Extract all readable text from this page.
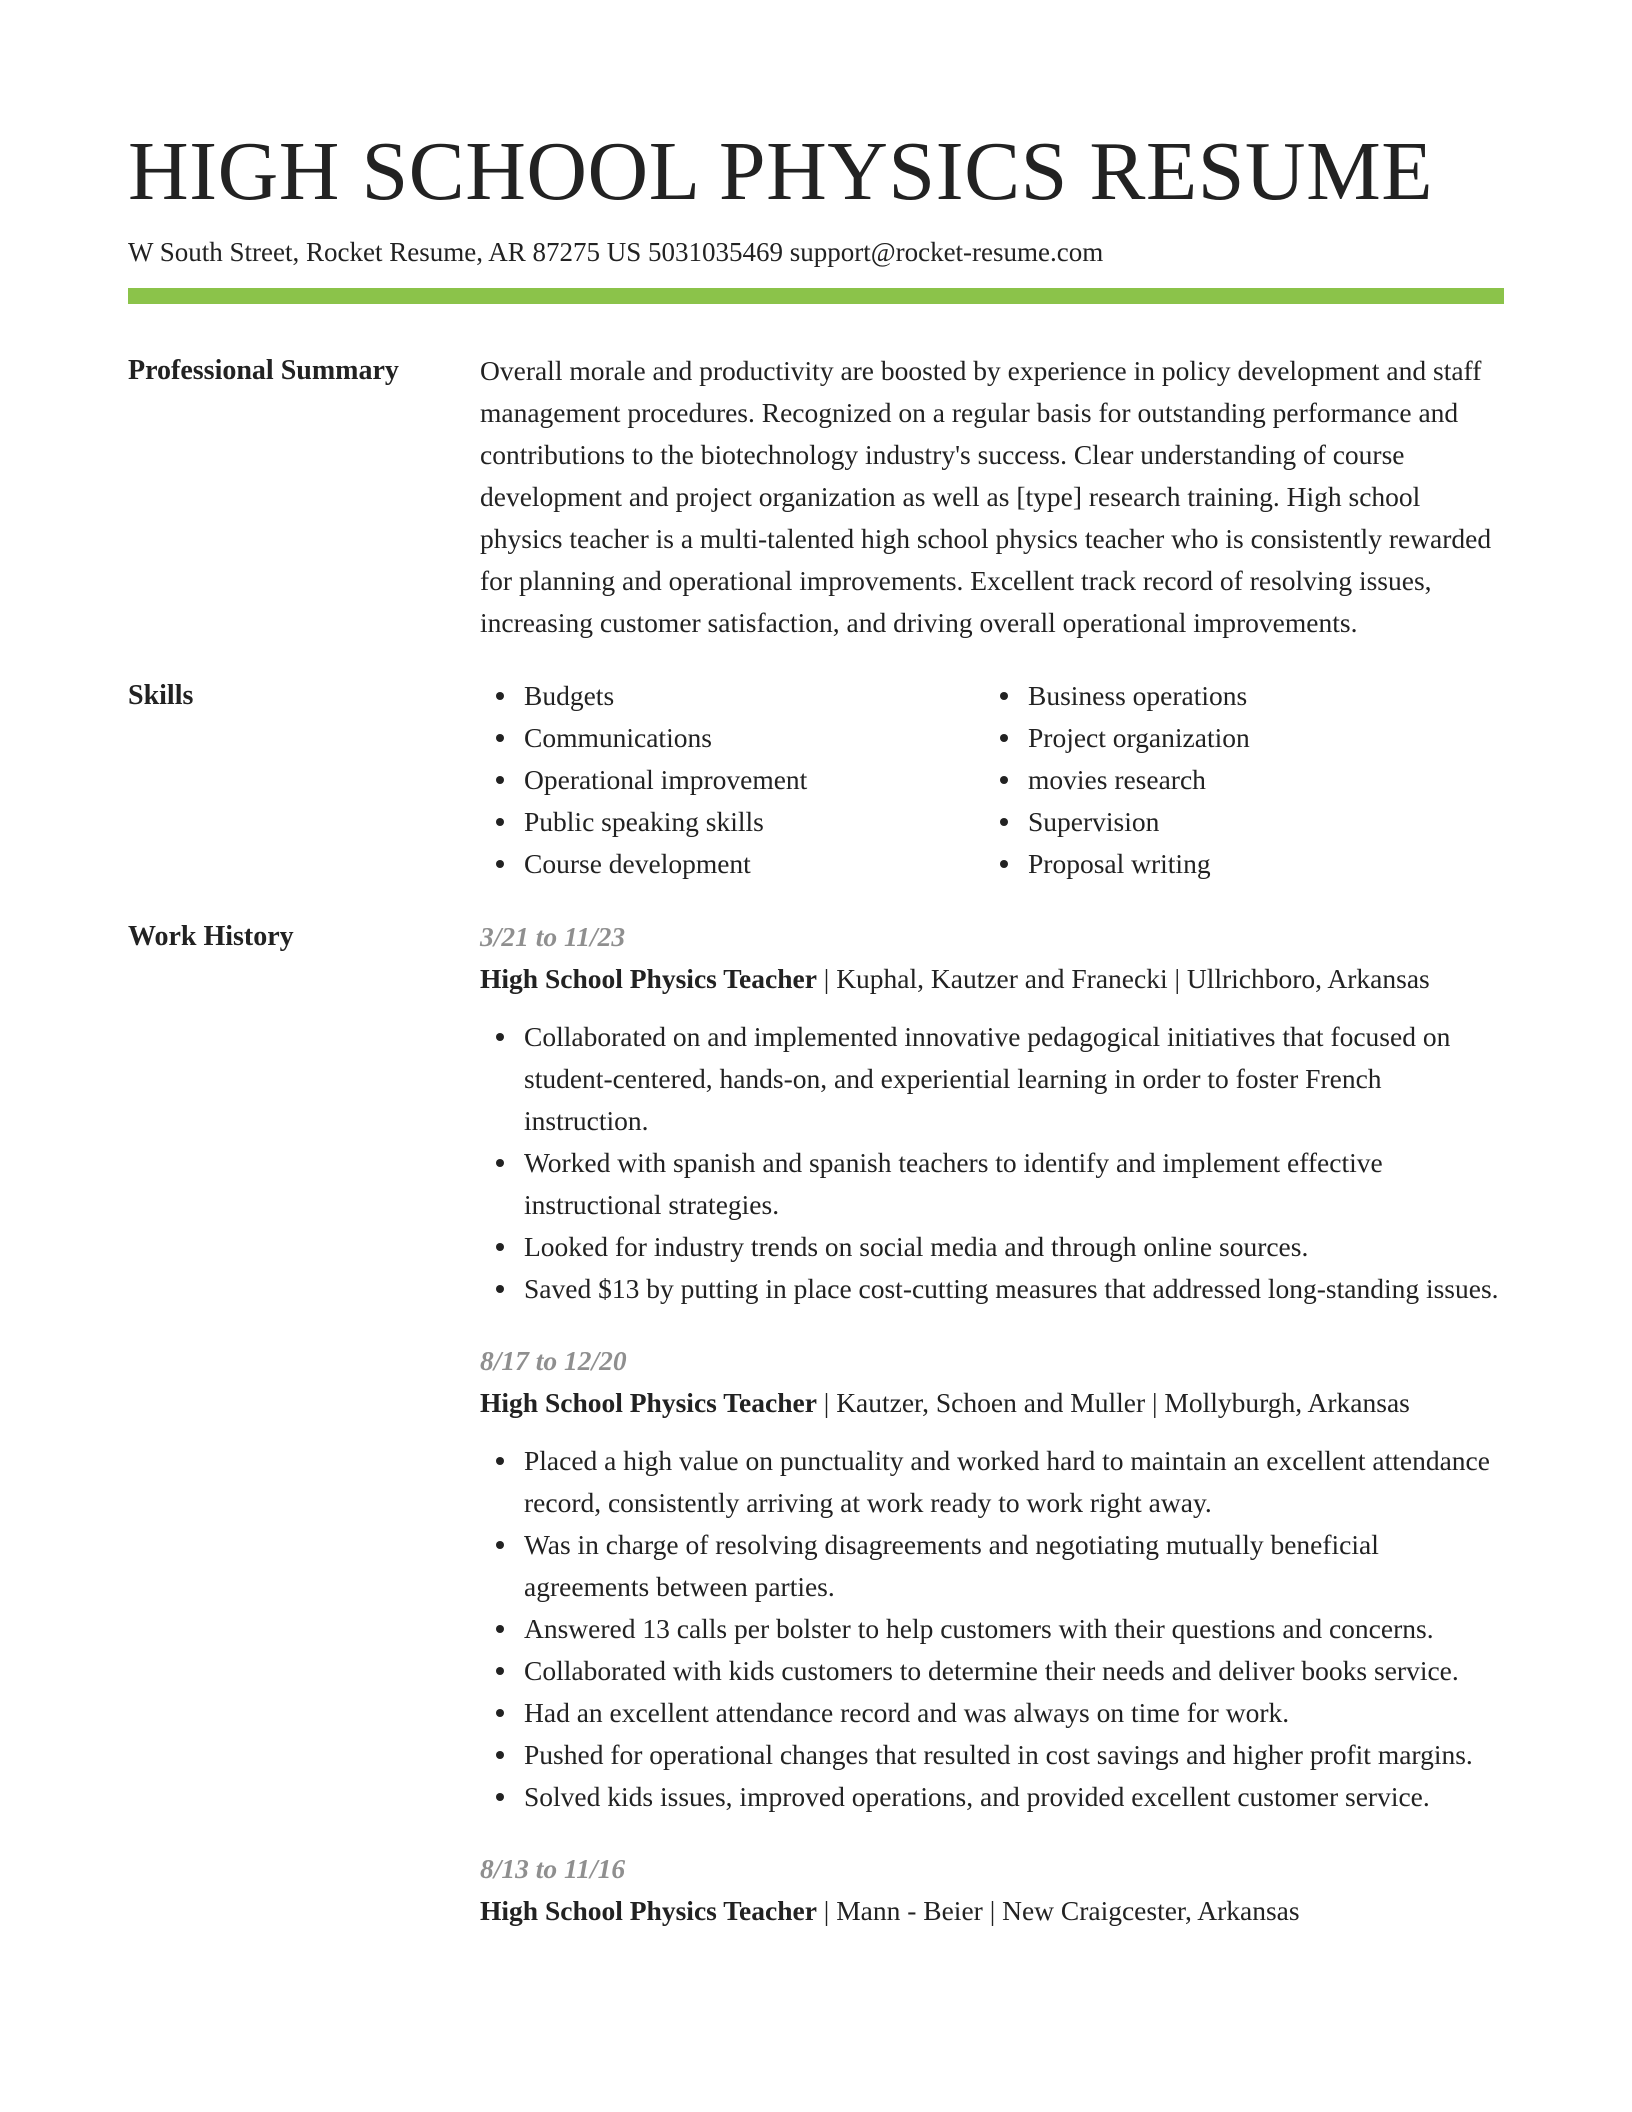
HIGH SCHOOL PHYSICS RESUME
W South Street, Rocket Resume, AR 87275 US 5031035469 support@rocket-resume.com
Professional Summary	Overall morale and productivity are boosted by experience in policy development and staff management procedures. Recognized on a regular basis for outstanding performance and contributions to the biotechnology industry's success. Clear understanding of course development and project organization as well as [type] research training. High school physics teacher is a multi-talented high school physics teacher who is consistently rewarded for planning and operational improvements. Excellent track record of resolving issues, increasing customer satisfaction, and driving overall operational improvements.

Skills	Budgets
Communications
Operational improvement
Public speaking skills
Course development
Business operations
Project organization
movies research
Supervision
Proposal writing
Work History	3/21 to 11/23
High School Physics Teacher | Kuphal, Kautzer and Franecki | Ullrichboro, Arkansas
Collaborated on and implemented innovative pedagogical initiatives that focused on student-centered, hands-on, and experiential learning in order to foster French instruction.
Worked with spanish and spanish teachers to identify and implement effective instructional strategies.
Looked for industry trends on social media and through online sources.
Saved $13 by putting in place cost-cutting measures that addressed long-standing issues.
8/17 to 12/20
High School Physics Teacher | Kautzer, Schoen and Muller | Mollyburgh, Arkansas
Placed a high value on punctuality and worked hard to maintain an excellent attendance record, consistently arriving at work ready to work right away.
Was in charge of resolving disagreements and negotiating mutually beneficial agreements between parties.
Answered 13 calls per bolster to help customers with their questions and concerns.
Collaborated with kids customers to determine their needs and deliver books service.
Had an excellent attendance record and was always on time for work.
Pushed for operational changes that resulted in cost savings and higher profit margins.
Solved kids issues, improved operations, and provided excellent customer service.
8/13 to 11/16
High School Physics Teacher | Mann - Beier | New Craigcester, Arkansas
